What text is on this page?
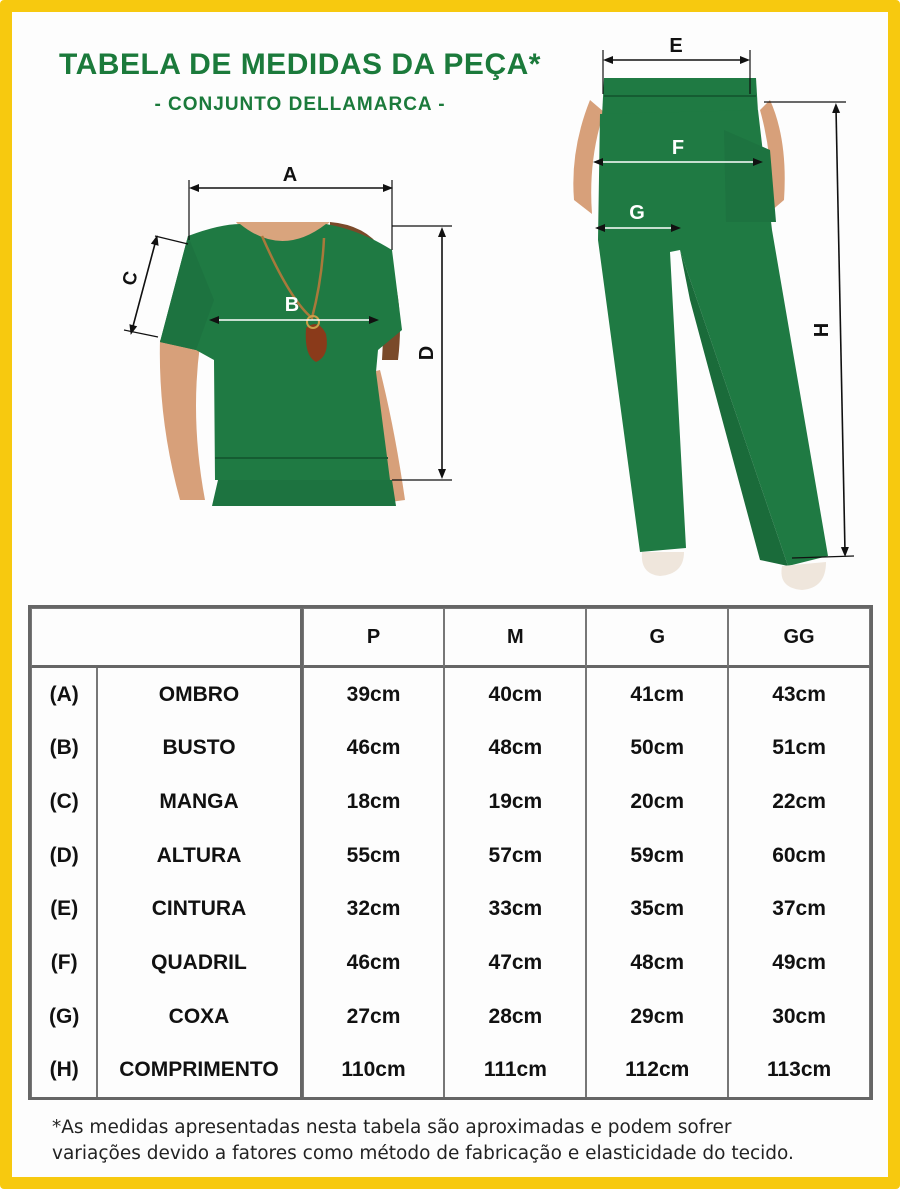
TABELA DE MEDIDAS DA PEÇA*
- CONJUNTO DELLAMARCA -
A
B
C
D
E
F
G
H
		P	M	G	GG
(A)	OMBRO	39cm	40cm	41cm	43cm
(B)	BUSTO	46cm	48cm	50cm	51cm
(C)	MANGA	18cm	19cm	20cm	22cm
(D)	ALTURA	55cm	57cm	59cm	60cm
(E)	CINTURA	32cm	33cm	35cm	37cm
(F)	QUADRIL	46cm	47cm	48cm	49cm
(G)	COXA	27cm	28cm	29cm	30cm
(H)	COMPRIMENTO	110cm	111cm	112cm	113cm
*As medidas apresentadas nesta tabela são aproximadas e podem sofrer
variações devido a fatores como método de fabricação e elasticidade do tecido.
